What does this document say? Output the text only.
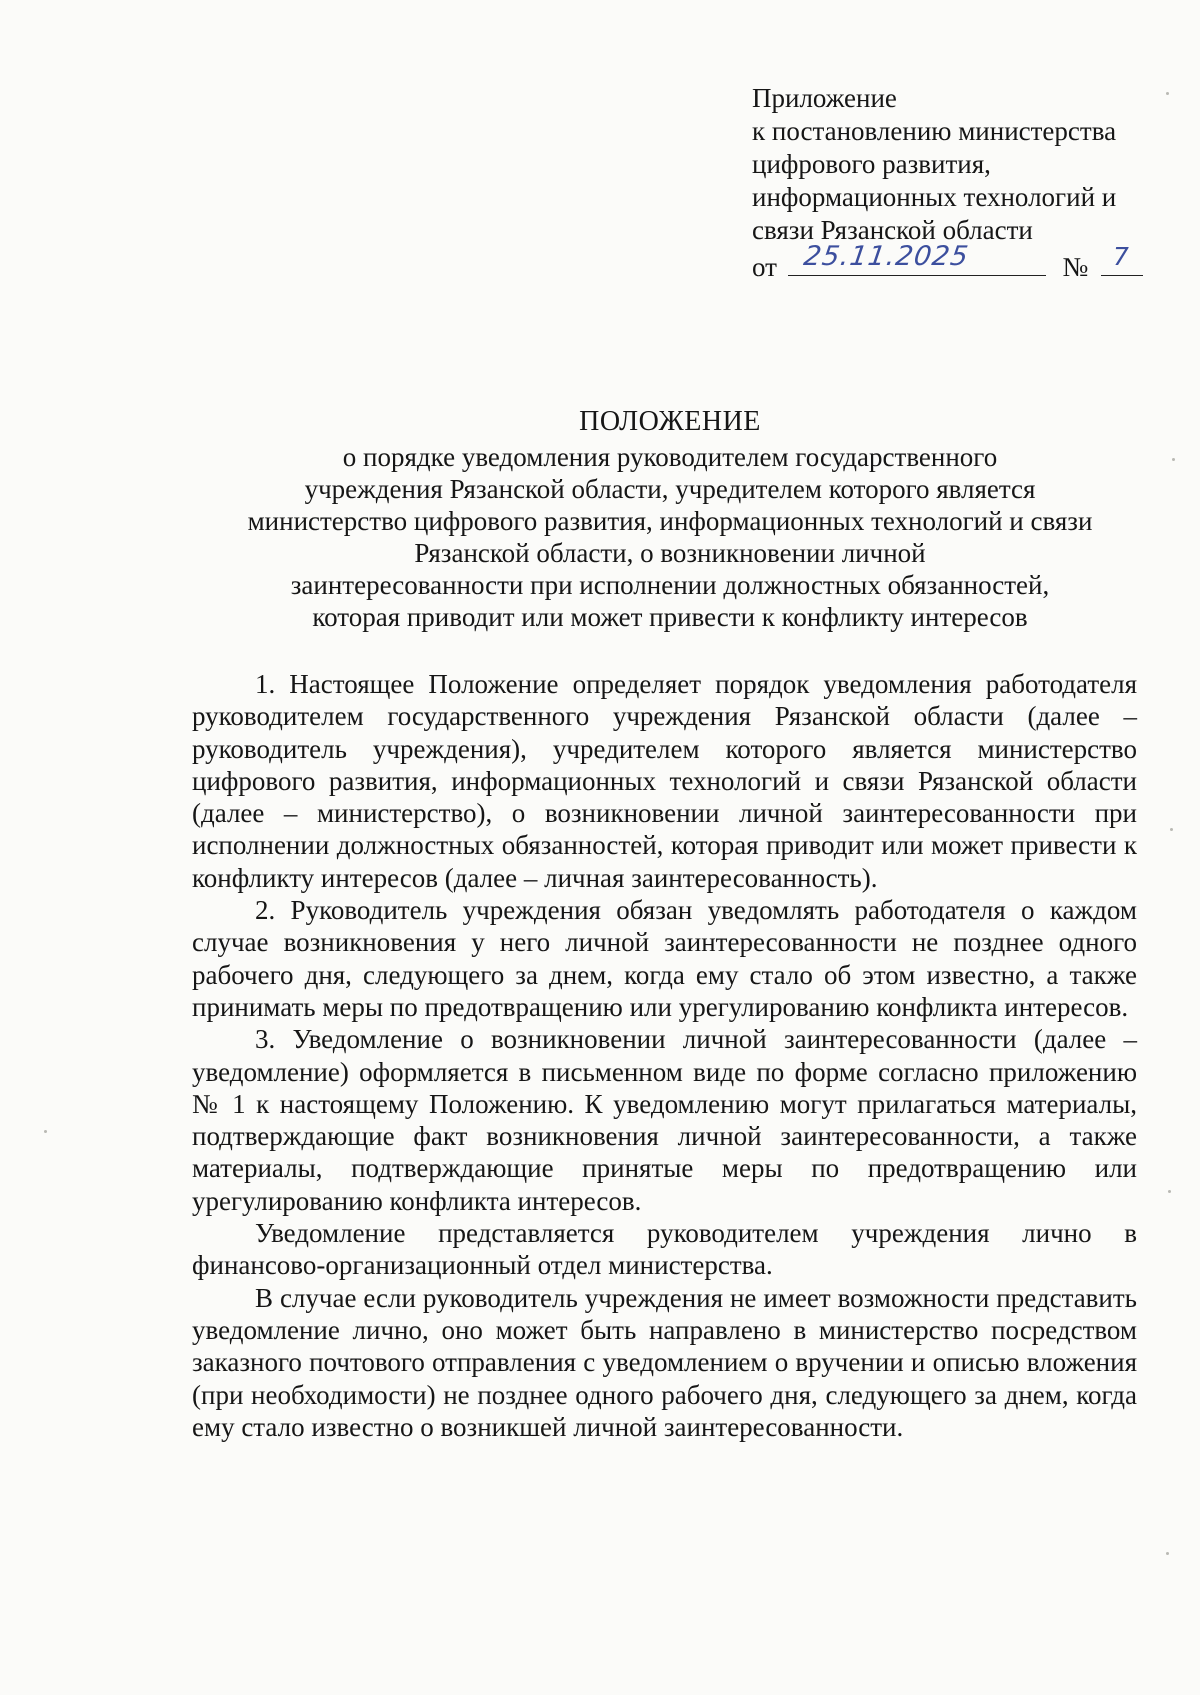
Приложение
к постановлению министерства
цифрового развития,
информационных технологий и
связи Рязанской области
от 25.11.2025	№ 7
ПОЛОЖЕНИЕ
о порядке уведомления руководителем государственного
учреждения Рязанской области, учредителем которого является
министерство цифрового развития, информационных технологий и связи
Рязанской области, о возникновении личной
заинтересованности при исполнении должностных обязанностей,
которая приводит или может привести к конфликту интересов

1. Настоящее Положение определяет порядок уведомления работодателя руководителем государственного учреждения Рязанской области (далее – руководитель учреждения), учредителем которого является министерство цифрового развития, информационных технологий и связи Рязанской области (далее – министерство), о возникновении личной заинтересованности при исполнении должностных обязанностей, которая приводит или может привести к конфликту интересов (далее – личная заинтересованность).

2. Руководитель учреждения обязан уведомлять работодателя о каждом случае возникновения у него личной заинтересованности не позднее одного рабочего дня, следующего за днем, когда ему стало об этом известно, а также принимать меры по предотвращению или урегулированию конфликта интересов.

3. Уведомление о возникновении личной заинтересованности (далее – уведомление) оформляется в письменном виде по форме согласно приложению № 1 к настоящему Положению. К уведомлению могут прилагаться материалы, подтверждающие факт возникновения личной заинтересованности, а также материалы, подтверждающие принятые меры по предотвращению или урегулированию конфликта интересов.

Уведомление представляется руководителем учреждения лично в финансово-организационный отдел министерства.

В случае если руководитель учреждения не имеет возможности представить уведомление лично, оно может быть направлено в министерство посредством заказного почтового отправления с уведомлением о вручении и описью вложения (при необходимости) не позднее одного рабочего дня, следующего за днем, когда ему стало известно о возникшей личной заинтересованности.
